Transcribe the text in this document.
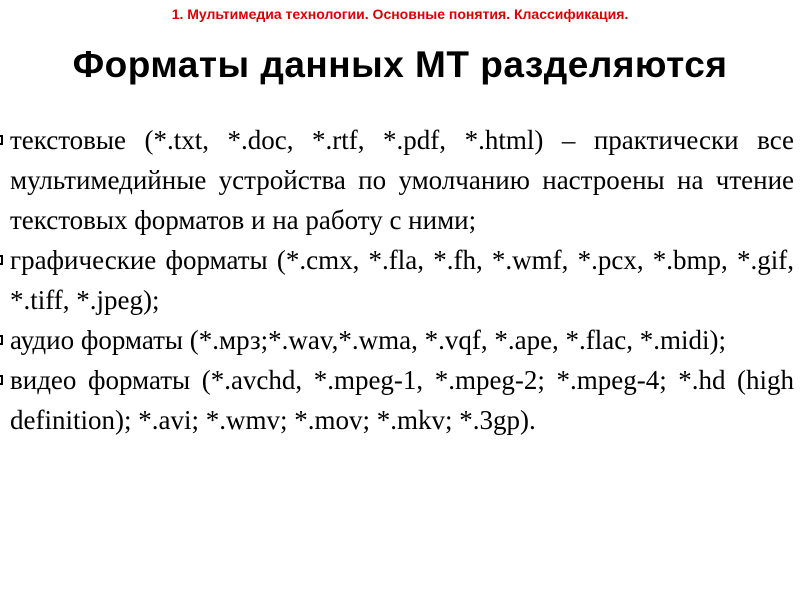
1. Мультимедиа технологии. Основные понятия. Классификация.
Форматы данных МТ разделяются
текстовые (*.txt, *.doc, *.rtf, *.pdf, *.html) – практически все мультимедийные устройства по умолчанию настроены на чтение текстовых форматов и на работу с ними;
графические форматы (*.cmx, *.fla, *.fh, *.wmf, *.pcx, *.bmp, *.gif, *.tiff, *.jpeg);
аудио форматы (*.мрз;*.wav,*.wma, *.vqf, *.ape, *.flac, *.midi);
видео форматы (*.avchd, *.mpeg-1, *.mpeg-2; *.mpeg-4; *.hd (high definition); *.avi; *.wmv; *.mov; *.mkv; *.3gp).
